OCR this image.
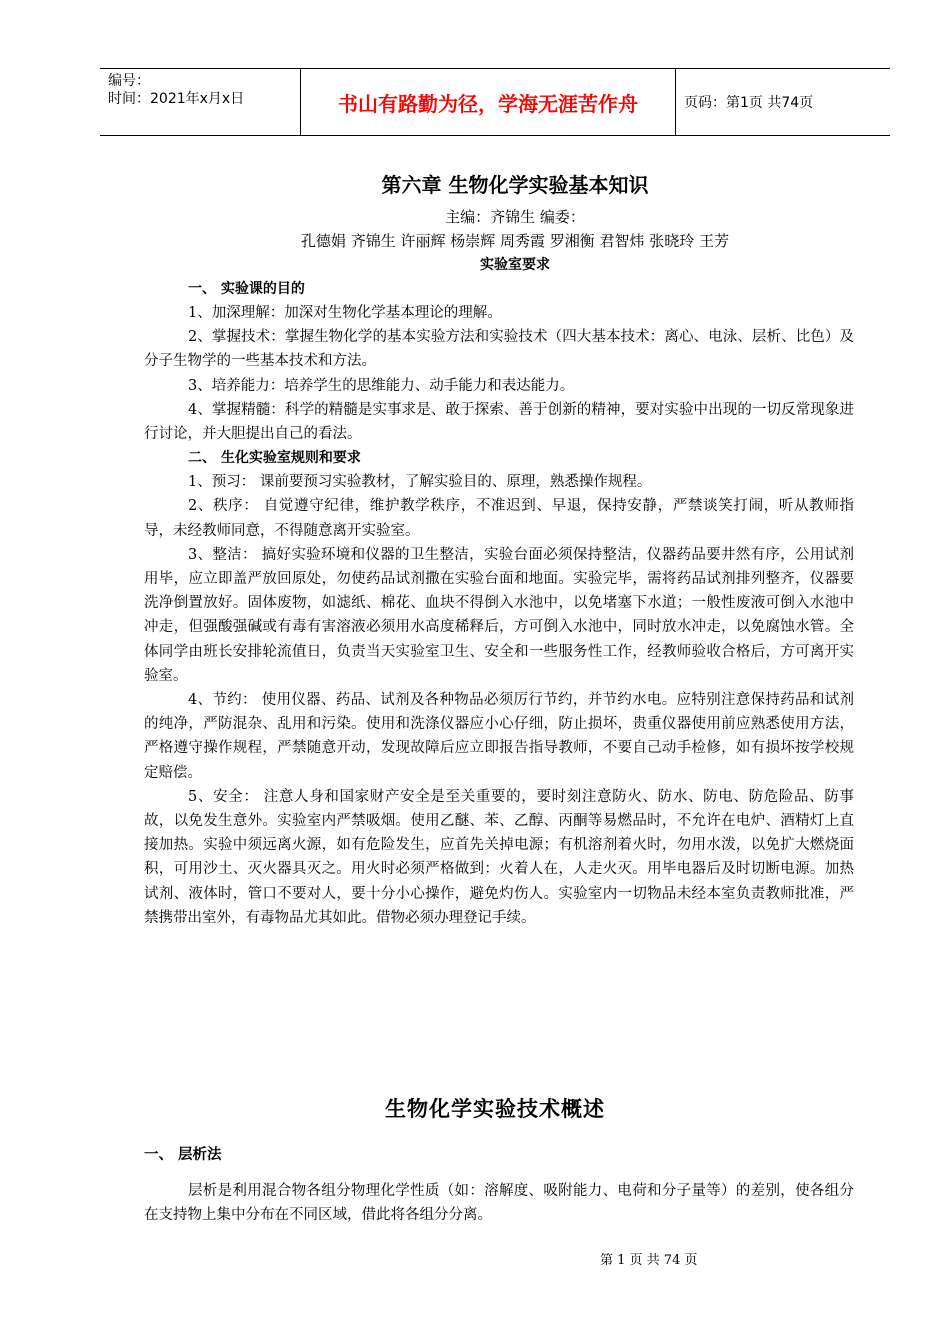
编号：
时间：2021年x月x日	书山有路勤为径，学海无涯苦作舟	页码：第1页 共74页
第六章 生物化学实验基本知识
主编：齐锦生 编委：
孔德娟 齐锦生 许丽辉 杨崇辉 周秀霞 罗湘衡 君智炜 张晓玲 王芳
实验室要求
一、 实验课的目的

1、加深理解：加深对生物化学基本理论的理解。

2、掌握技术：掌握生物化学的基本实验方法和实验技术（四大基本技术：离心、电泳、层析、比色）及分子生物学的一些基本技术和方法。

3、培养能力：培养学生的思维能力、动手能力和表达能力。

4、掌握精髓：科学的精髓是实事求是、敢于探索、善于创新的精神，要对实验中出现的一切反常现象进行讨论，并大胆提出自己的看法。

二、 生化实验室规则和要求

1、预习： 课前要预习实验教材，了解实验目的、原理，熟悉操作规程。

2、秩序： 自觉遵守纪律，维护教学秩序，不准迟到、早退，保持安静，严禁谈笑打闹，听从教师指导，未经教师同意，不得随意离开实验室。

3、整洁： 搞好实验环境和仪器的卫生整洁，实验台面必须保持整洁，仪器药品要井然有序，公用试剂用毕，应立即盖严放回原处，勿使药品试剂撒在实验台面和地面。实验完毕，需将药品试剂排列整齐，仪器要洗净倒置放好。固体废物，如滤纸、棉花、血块不得倒入水池中，以免堵塞下水道；一般性废液可倒入水池中冲走，但强酸强碱或有毒有害溶液必须用水高度稀释后，方可倒入水池中，同时放水冲走，以免腐蚀水管。全体同学由班长安排轮流值日，负责当天实验室卫生、安全和一些服务性工作，经教师验收合格后，方可离开实验室。

4、节约： 使用仪器、药品、试剂及各种物品必须厉行节约，并节约水电。应特别注意保持药品和试剂的纯净，严防混杂、乱用和污染。使用和洗涤仪器应小心仔细，防止损坏，贵重仪器使用前应熟悉使用方法，严格遵守操作规程，严禁随意开动，发现故障后应立即报告指导教师，不要自己动手检修，如有损坏按学校规定赔偿。

5、安全： 注意人身和国家财产安全是至关重要的，要时刻注意防火、防水、防电、防危险品、防事故，以免发生意外。实验室内严禁吸烟。使用乙醚、苯、乙醇、丙酮等易燃品时，不允许在电炉、酒精灯上直接加热。实验中须远离火源，如有危险发生，应首先关掉电源；有机溶剂着火时，勿用水泼，以免扩大燃烧面积，可用沙土、灭火器具灭之。用火时必须严格做到：火着人在，人走火灭。用毕电器后及时切断电源。加热试剂、液体时，管口不要对人，要十分小心操作，避免灼伤人。实验室内一切物品未经本室负责教师批准，严禁携带出室外，有毒物品尤其如此。借物必须办理登记手续。

生物化学实验技术概述
一、 层析法

层析是利用混合物各组分物理化学性质（如：溶解度、吸附能力、电荷和分子量等）的差别，使各组分在支持物上集中分布在不同区域，借此将各组分分离。

第 1 页 共 74 页
